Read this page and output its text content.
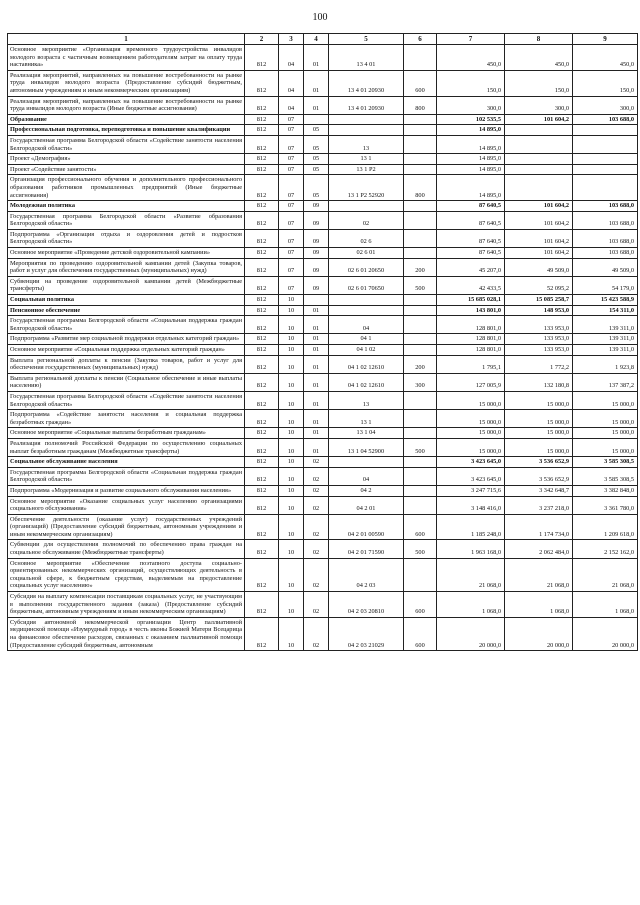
100
1	2	3	4	5	6	7	8	9
Основное мероприятие «Организация временного трудоустройства инвалидов молодого возраста с частичным возмещением работодателям затрат на оплату труда наставника»	812	04	01	13 4 01		450,0	450,0	450,0
Реализация мероприятий, направленных на повышение востребованности на рынке труда инвалидов молодого возраста (Предоставление субсидий бюджетным, автономным учреждениям и иным некоммерческим организациям)	812	04	01	13 4 01 20930	600	150,0	150,0	150,0
Реализация мероприятий, направленных на повышение востребованности на рынке труда инвалидов молодого возраста (Иные бюджетные ассигнования)	812	04	01	13 4 01 20930	800	300,0	300,0	300,0
Образование	812	07				102 535,5	101 604,2	103 688,0
Профессиональная подготовка, переподготовка и повышение квалификации	812	07	05			14 895,0		
Государственная программа Белгородской области «Содействие занятости населения Белгородской области»	812	07	05	13		14 895,0		
Проект «Демография»	812	07	05	13 1		14 895,0		
Проект «Содействие занятости»	812	07	05	13 1 P2		14 895,0		
Организация профессионального обучения и дополнительного профессионального образования работников промышленных предприятий (Иные бюджетные ассигнования)	812	07	05	13 1 P2 52920	800	14 895,0		
Молодежная политика	812	07	09			87 640,5	101 604,2	103 688,0
Государственная программа Белгородской области «Развитие образования Белгородской области»	812	07	09	02		87 640,5	101 604,2	103 688,0
Подпрограмма «Организация отдыха и оздоровления детей и подростков Белгородской области»	812	07	09	02 6		87 640,5	101 604,2	103 688,0
Основное мероприятие «Проведение детской оздоровительной кампании»	812	07	09	02 6 01		87 640,5	101 604,2	103 688,0
Мероприятия по проведению оздоровительной кампании детей (Закупка товаров, работ и услуг для обеспечения государственных (муниципальных) нужд)	812	07	09	02 6 01 20650	200	45 207,0	49 509,0	49 509,0
Субвенции на проведение оздоровительной кампании детей (Межбюджетные трансферты)	812	07	09	02 6 01 70650	500	42 433,5	52 095,2	54 179,0
Социальная политика	812	10				15 685 028,1	15 085 258,7	15 423 588,9
Пенсионное обеспечение	812	10	01			143 801,0	148 953,0	154 311,0
Государственная программа Белгородской области «Социальная поддержка граждан Белгородской области»	812	10	01	04		128 801,0	133 953,0	139 311,0
Подпрограмма «Развитие мер социальной поддержки отдельных категорий граждан»	812	10	01	04 1		128 801,0	133 953,0	139 311,0
Основное мероприятие «Социальная поддержка отдельных категорий граждан»	812	10	01	04 1 02		128 801,0	133 953,0	139 311,0
Выплата региональной доплаты к пенсии (Закупка товаров, работ и услуг для обеспечения государственных (муниципальных) нужд)	812	10	01	04 1 02 12610	200	1 795,1	1 772,2	1 923,8
Выплата региональной доплаты к пенсии (Социальное обеспечение и иные выплаты населению)	812	10	01	04 1 02 12610	300	127 005,9	132 180,8	137 387,2
Государственная программа Белгородской области «Содействие занятости населения Белгородской области»	812	10	01	13		15 000,0	15 000,0	15 000,0
Подпрограмма «Содействие занятости населения и социальная поддержка безработных граждан»	812	10	01	13 1		15 000,0	15 000,0	15 000,0
Основное мероприятие «Социальные выплаты безработным гражданам»	812	10	01	13 1 04		15 000,0	15 000,0	15 000,0
Реализация полномочий Российской Федерации по осуществлению социальных выплат безработным гражданам (Межбюджетные трансферты)	812	10	01	13 1 04 52900	500	15 000,0	15 000,0	15 000,0
Социальное обслуживание населения	812	10	02			3 423 645,0	3 536 652,9	3 585 308,5
Государственная программа Белгородской области «Социальная поддержка граждан Белгородской области»	812	10	02	04		3 423 645,0	3 536 652,9	3 585 308,5
Подпрограмма «Модернизация и развитие социального обслуживания населения»	812	10	02	04 2		3 247 715,6	3 342 648,7	3 382 848,0
Основное мероприятие «Оказание социальных услуг населению организациями социального обслуживания»	812	10	02	04 2 01		3 148 416,0	3 237 218,0	3 361 780,0
Обеспечение деятельности (оказание услуг) государственных учреждений (организаций) (Предоставление субсидий бюджетным, автономным учреждениям и иным некоммерческим организациям)	812	10	02	04 2 01 00590	600	1 185 248,0	1 174 734,0	1 209 618,0
Субвенции для осуществления полномочий по обеспечению права граждан на социальное обслуживание (Межбюджетные трансферты)	812	10	02	04 2 01 71590	500	1 963 168,0	2 062 484,0	2 152 162,0
Основное мероприятие «Обеспечение поэтапного доступа социально-ориентированных некоммерческих организаций, осуществляющих деятельность в социальной сфере, к бюджетным средствам, выделяемым на предоставление социальных услуг населению»	812	10	02	04 2 03		21 068,0	21 068,0	21 068,0
Субсидия на выплату компенсации поставщикам социальных услуг, не участвующим в выполнении государственного задания (заказа) (Предоставление субсидий бюджетным, автономным учреждениям и иным некоммерческим организациям)	812	10	02	04 2 03 20810	600	1 068,0	1 068,0	1 068,0
Субсидия автономной некоммерческой организации Центр паллиативной медицинской помощи «Изумрудный город» в честь иконы Божией Матери Всецарица на финансовое обеспечение расходов, связанных с оказанием паллиативной помощи (Предоставление субсидий бюджетным, автономным	812	10	02	04 2 03 21029	600	20 000,0	20 000,0	20 000,0
